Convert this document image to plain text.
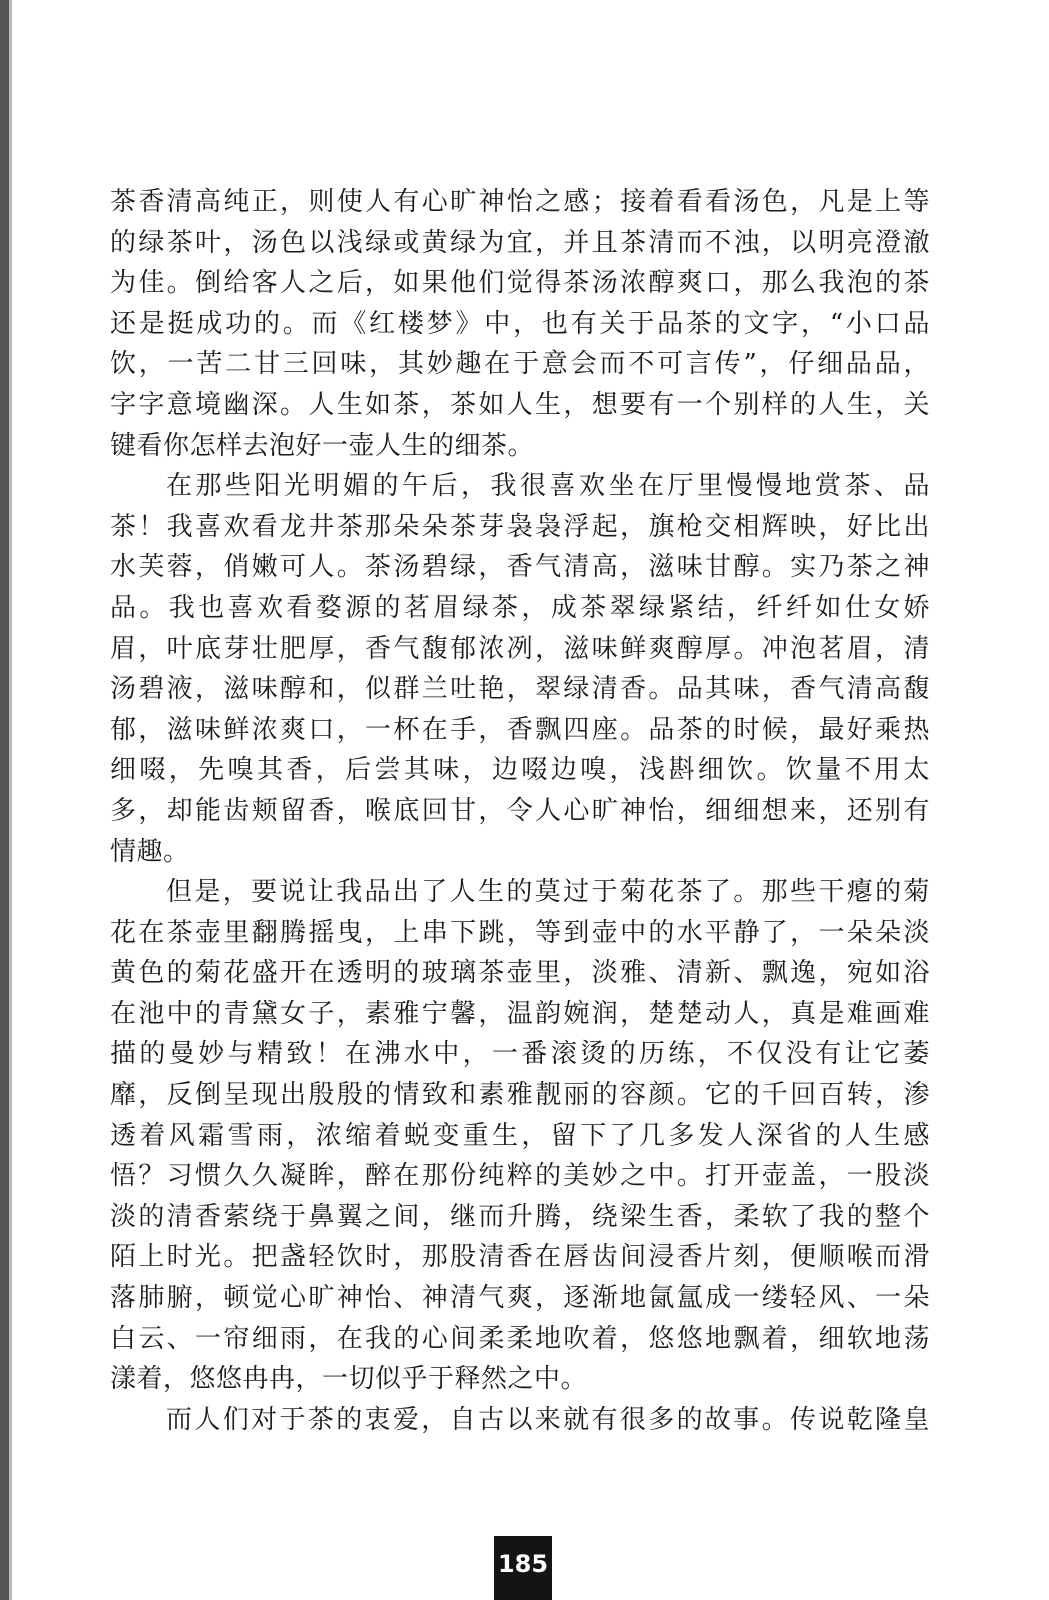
茶香清高纯正，则使人有心旷神怡之感；接着看看汤色，凡是上等
的绿茶叶，汤色以浅绿或黄绿为宜，并且茶清而不浊，以明亮澄澈
为佳。倒给客人之后，如果他们觉得茶汤浓醇爽口，那么我泡的茶
还是挺成功的。而《红楼梦》中，也有关于品茶的文字，“小口品
饮，一苦二甘三回味，其妙趣在于意会而不可言传”，仔细品品，
字字意境幽深。人生如茶，茶如人生，想要有一个别样的人生，关
键看你怎样去泡好一壶人生的细茶。
在那些阳光明媚的午后，我很喜欢坐在厅里慢慢地赏茶、品
茶！我喜欢看龙井茶那朵朵茶芽袅袅浮起，旗枪交相辉映，好比出
水芙蓉，俏嫩可人。茶汤碧绿，香气清高，滋味甘醇。实乃茶之神
品。我也喜欢看婺源的茗眉绿茶，成茶翠绿紧结，纤纤如仕女娇
眉，叶底芽壮肥厚，香气馥郁浓冽，滋味鲜爽醇厚。冲泡茗眉，清
汤碧液，滋味醇和，似群兰吐艳，翠绿清香。品其味，香气清高馥
郁，滋味鲜浓爽口，一杯在手，香飘四座。品茶的时候，最好乘热
细啜，先嗅其香，后尝其味，边啜边嗅，浅斟细饮。饮量不用太
多，却能齿颊留香，喉底回甘，令人心旷神怡，细细想来，还别有
情趣。
但是，要说让我品出了人生的莫过于菊花茶了。那些干瘪的菊
花在茶壶里翻腾摇曳，上串下跳，等到壶中的水平静了，一朵朵淡
黄色的菊花盛开在透明的玻璃茶壶里，淡雅、清新、飘逸，宛如浴
在池中的青黛女子，素雅宁馨，温韵婉润，楚楚动人，真是难画难
描的曼妙与精致！在沸水中，一番滚烫的历练，不仅没有让它萎
靡，反倒呈现出殷殷的情致和素雅靓丽的容颜。它的千回百转，渗
透着风霜雪雨，浓缩着蜕变重生，留下了几多发人深省的人生感
悟？习惯久久凝眸，醉在那份纯粹的美妙之中。打开壶盖，一股淡
淡的清香萦绕于鼻翼之间，继而升腾，绕梁生香，柔软了我的整个
陌上时光。把盏轻饮时，那股清香在唇齿间浸香片刻，便顺喉而滑
落肺腑，顿觉心旷神怡、神清气爽，逐渐地氤氲成一缕轻风、一朵
白云、一帘细雨，在我的心间柔柔地吹着，悠悠地飘着，细软地荡
漾着，悠悠冉冉，一切似乎于释然之中。
而人们对于茶的衷爱，自古以来就有很多的故事。传说乾隆皇
185
